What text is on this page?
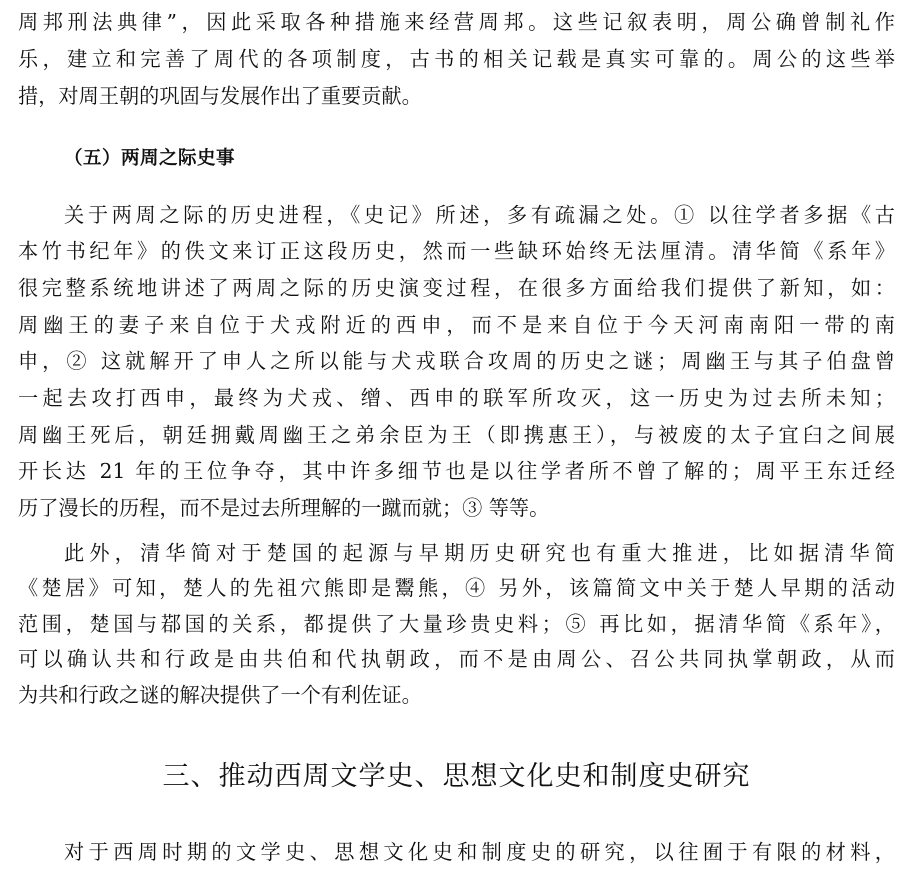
周邦刑法典律”，因此采取各种措施来经营周邦。这些记叙表明，周公确曾制礼作
乐，建立和完善了周代的各项制度，古书的相关记载是真实可靠的。周公的这些举
措，对周王朝的巩固与发展作出了重要贡献。
（五）两周之际史事
关于两周之际的历史进程，《史记》所述，多有疏漏之处。① 以往学者多据《古
本竹书纪年》的佚文来订正这段历史，然而一些缺环始终无法厘清。清华简《系年》
很完整系统地讲述了两周之际的历史演变过程，在很多方面给我们提供了新知，如：
周幽王的妻子来自位于犬戎附近的西申，而不是来自位于今天河南南阳一带的南
申，② 这就解开了申人之所以能与犬戎联合攻周的历史之谜；周幽王与其子伯盘曾
一起去攻打西申，最终为犬戎、缯、西申的联军所攻灭，这一历史为过去所未知；
周幽王死后，朝廷拥戴周幽王之弟余臣为王（即携惠王），与被废的太子宜臼之间展
开长达 21 年的王位争夺，其中许多细节也是以往学者所不曾了解的；周平王东迁经
历了漫长的历程，而不是过去所理解的一蹴而就；③ 等等。
此外，清华简对于楚国的起源与早期历史研究也有重大推进，比如据清华简
《楚居》可知，楚人的先祖穴熊即是鬻熊，④ 另外，该篇简文中关于楚人早期的活动
范围，楚国与鄀国的关系，都提供了大量珍贵史料；⑤ 再比如，据清华简《系年》，
可以确认共和行政是由共伯和代执朝政，而不是由周公、召公共同执掌朝政，从而
为共和行政之谜的解决提供了一个有利佐证。
三、推动西周文学史、思想文化史和制度史研究
对于西周时期的文学史、思想文化史和制度史的研究，以往囿于有限的材料，
